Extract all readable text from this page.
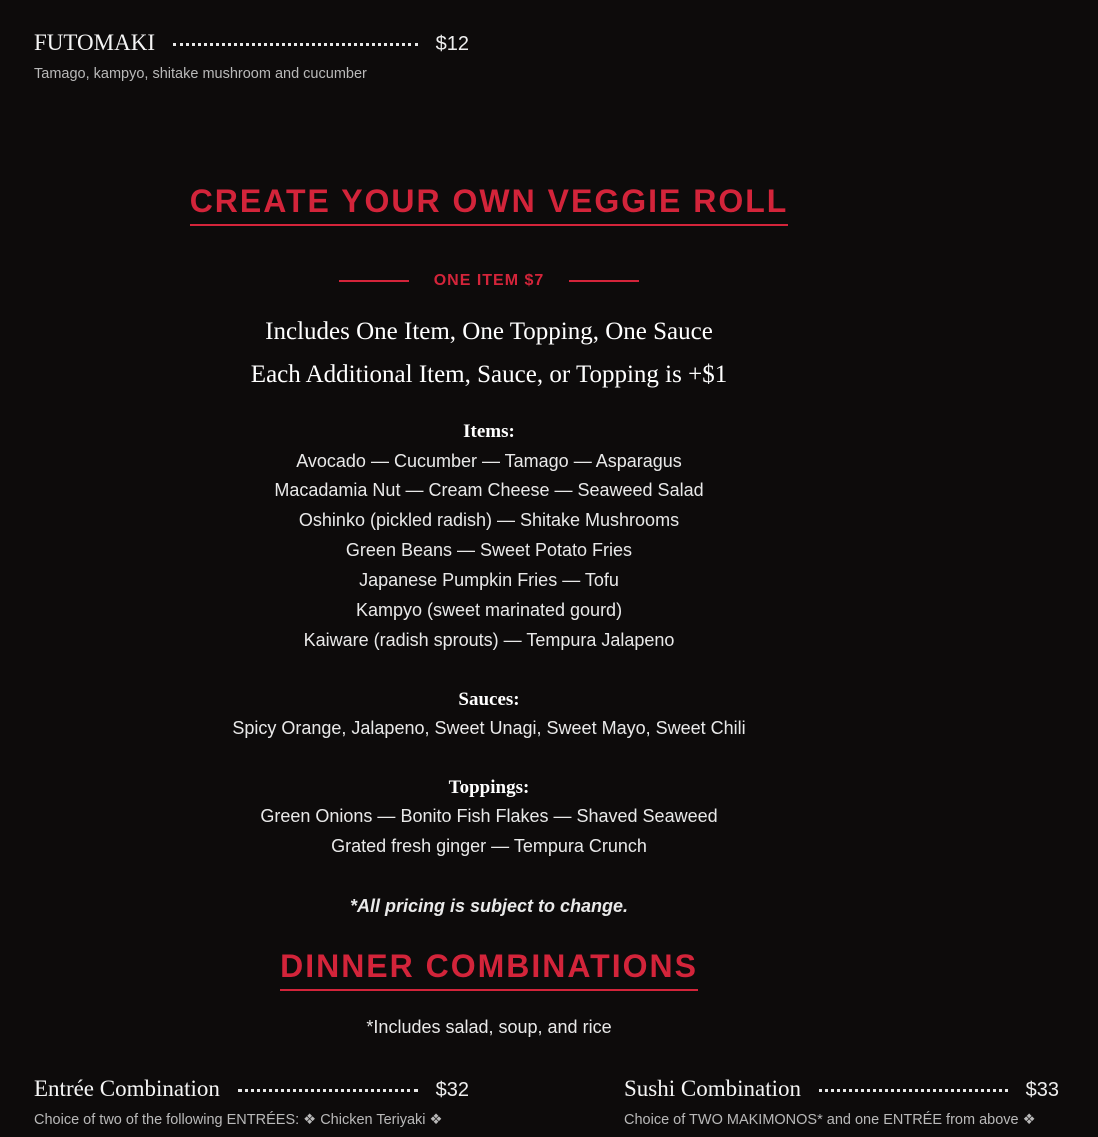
FUTOMAKI	$12
Tamago, kampyo, shitake mushroom and cucumber
CREATE YOUR OWN VEGGIE ROLL
ONE ITEM $7
Includes One Item, One Topping, One Sauce
Each Additional Item, Sauce, or Topping is +$1
Items:
Avocado — Cucumber — Tamago — Asparagus
Macadamia Nut — Cream Cheese — Seaweed Salad
Oshinko (pickled radish) — Shitake Mushrooms
Green Beans — Sweet Potato Fries
Japanese Pumpkin Fries — Tofu
Kampyo (sweet marinated gourd)
Kaiware (radish sprouts) — Tempura Jalapeno
Sauces:
Spicy Orange, Jalapeno, Sweet Unagi, Sweet Mayo, Sweet Chili
Toppings:
Green Onions — Bonito Fish Flakes — Shaved Seaweed
Grated fresh ginger — Tempura Crunch
*All pricing is subject to change.
DINNER COMBINATIONS
*Includes salad, soup, and rice
Entrée Combination	$32
Choice of two of the following ENTRÉES: ❖ Chicken Teriyaki ❖
Sushi Combination	$33
Choice of TWO MAKIMONOS* and one ENTRÉE from above ❖
